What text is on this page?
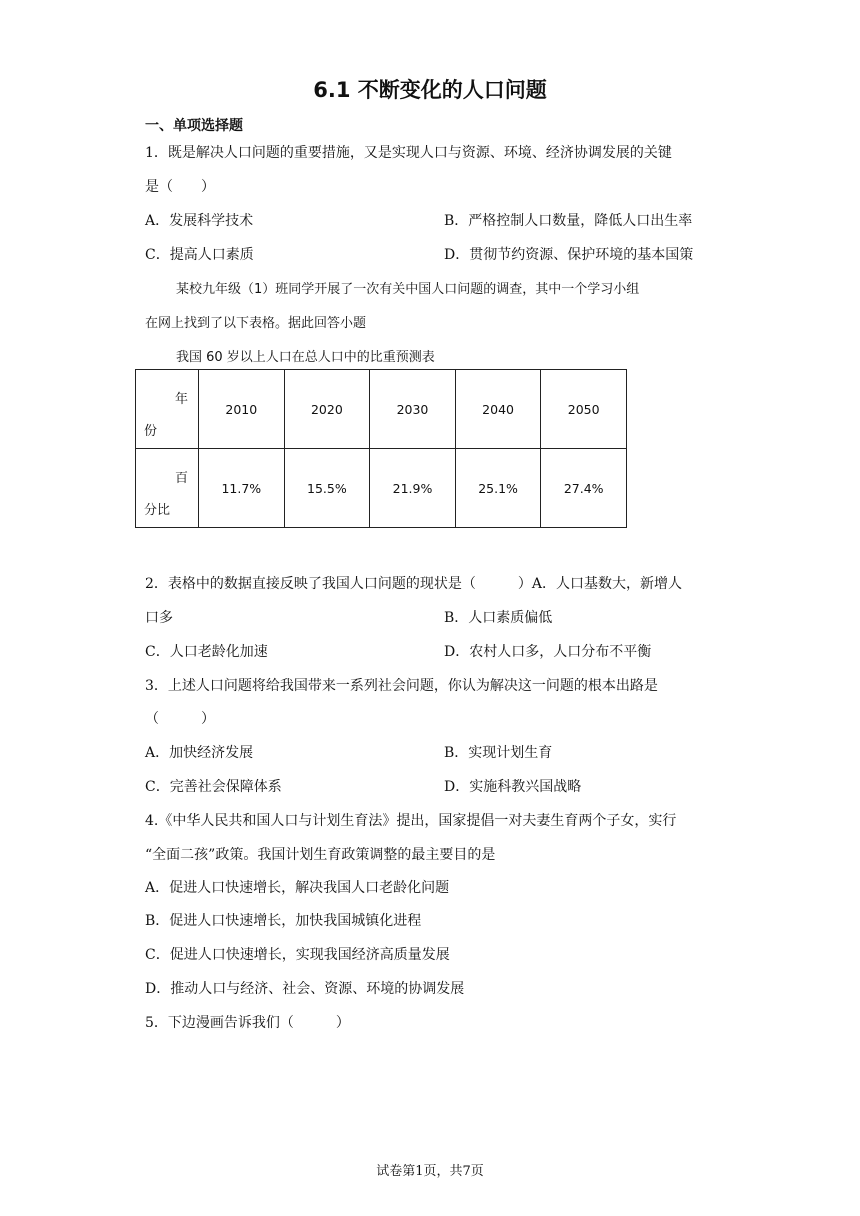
6.1 不断变化的人口问题
一、单项选择题
1．既是解决人口问题的重要措施，又是实现人口与资源、环境、经济协调发展的关键
是（　　）
A．发展科学技术	B．严格控制人口数量，降低人口出生率
C．提高人口素质	D．贯彻节约资源、保护环境的基本国策
某校九年级（1）班同学开展了一次有关中国人口问题的调查，其中一个学习小组
在网上找到了以下表格。据此回答小题
我国 60 岁以上人口在总人口中的比重预测表
年
份	2010	2020	2030	2040	2050

百
分比	11.7%	15.5%	21.9%	25.1%	27.4%
2．表格中的数据直接反映了我国人口问题的现状是（　　　）A．人口基数大，新增人
口多	B．人口素质偏低
C．人口老龄化加速	D．农村人口多，人口分布不平衡
3．上述人口问题将给我国带来一系列社会问题，你认为解决这一问题的根本出路是
（　　　）
A．加快经济发展	B．实现计划生育
C．完善社会保障体系	D．实施科教兴国战略
4.《中华人民共和国人口与计划生育法》提出，国家提倡一对夫妻生育两个子女，实行
“全面二孩”政策。我国计划生育政策调整的最主要目的是
A．促进人口快速增长，解决我国人口老龄化问题
B．促进人口快速增长，加快我国城镇化进程
C．促进人口快速增长，实现我国经济高质量发展
D．推动人口与经济、社会、资源、环境的协调发展
5．下边漫画告诉我们（　　　）
试卷第1页，共7页
